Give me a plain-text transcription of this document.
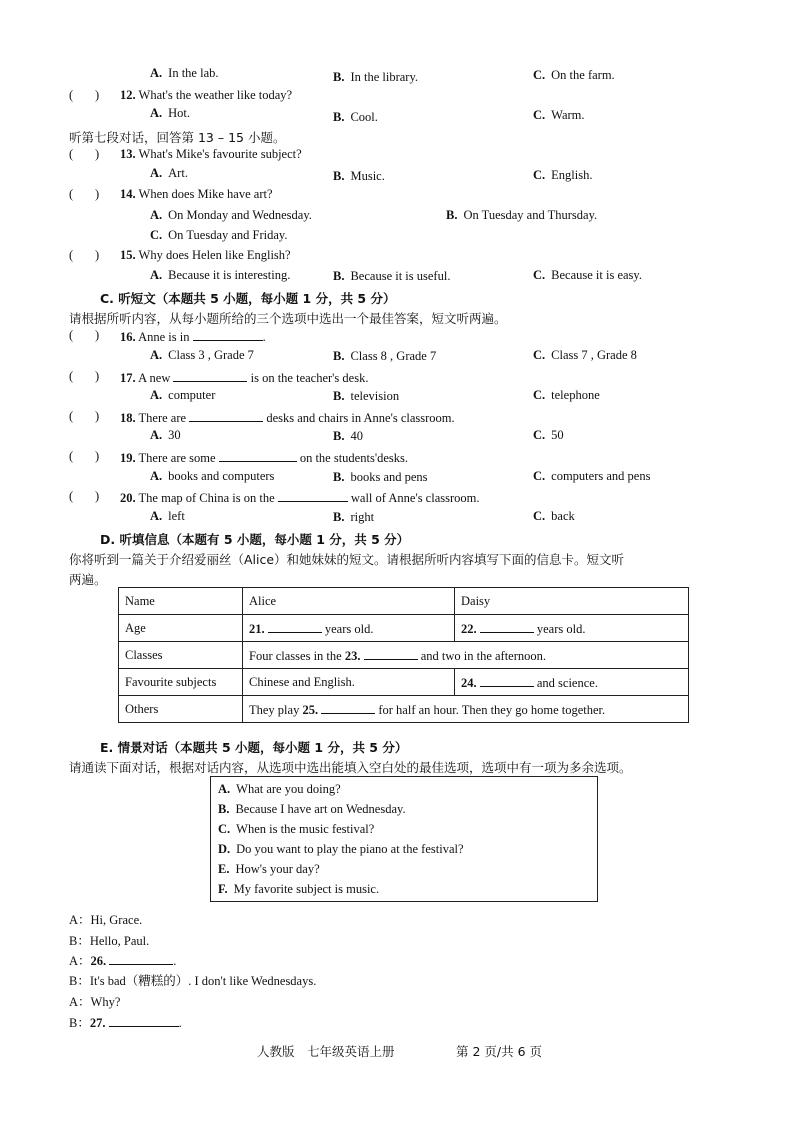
A. In the lab.	B. In the library.	C. On the farm.
(       ) 12. What's the weather like today?
A. Hot.	B. Cool.	C. Warm.
听第七段对话，回答第 13 – 15 小题。
(       ) 13. What's Mike's favourite subject?
A. Art.	B. Music.	C. English.
(       ) 14. When does Mike have art?
A. On Monday and Wednesday.	B. On Tuesday and Thursday.
C. On Tuesday and Friday.
(       ) 15. Why does Helen like English?
A. Because it is interesting.	B. Because it is useful.	C. Because it is easy.
C. 听短文（本题共 5 小题，每小题 1 分，共 5 分）
请根据所听内容，从每小题所给的三个选项中选出一个最佳答案，短文听两遍。
(       ) 16. Anne is in	.
A. Class 3 , Grade 7	B. Class 8 , Grade 7	C. Class 7 , Grade 8
(       ) 17. A new	is on the teacher's desk.
A. computer	B. television	C. telephone
(       ) 18. There are	desks and chairs in Anne's classroom.
A. 30	B. 40	C. 50
(       ) 19. There are some	on the students'desks.
A. books and computers	B. books and pens	C. computers and pens
(       ) 20. The map of China is on the	wall of Anne's classroom.
A. left	B. right	C. back
D. 听填信息（本题有 5 小题，每小题 1 分，共 5 分）
你将听到一篇关于介绍爱丽丝（Alice）和她妹妹的短文。请根据所听内容填写下面的信息卡。短文听
两遍。
Name	Alice	Daisy
Age	21. years old.	22. years old.
Classes	Four classes in the 23. and two in the afternoon.	
Favourite subjects	Chinese and English.	24. and science.
Others	They play 25. for half an hour. Then they go home together.	
E. 情景对话（本题共 5 小题，每小题 1 分，共 5 分）
请通读下面对话，根据对话内容，从选项中选出能填入空白处的最佳选项，选项中有一项为多余选项。
A. What are you doing?
B. Because I have art on Wednesday.
C. When is the music festival?
D. Do you want to play the piano at the festival?
E. How's your day?
F. My favorite subject is music.
A：Hi, Grace.
B：Hello, Paul.
A：26.	.
B：It's bad（糟糕的）. I don't like Wednesdays.
A：Why?
B：27.	.
人教版　七年级英语上册	第 2 页/共 6 页
